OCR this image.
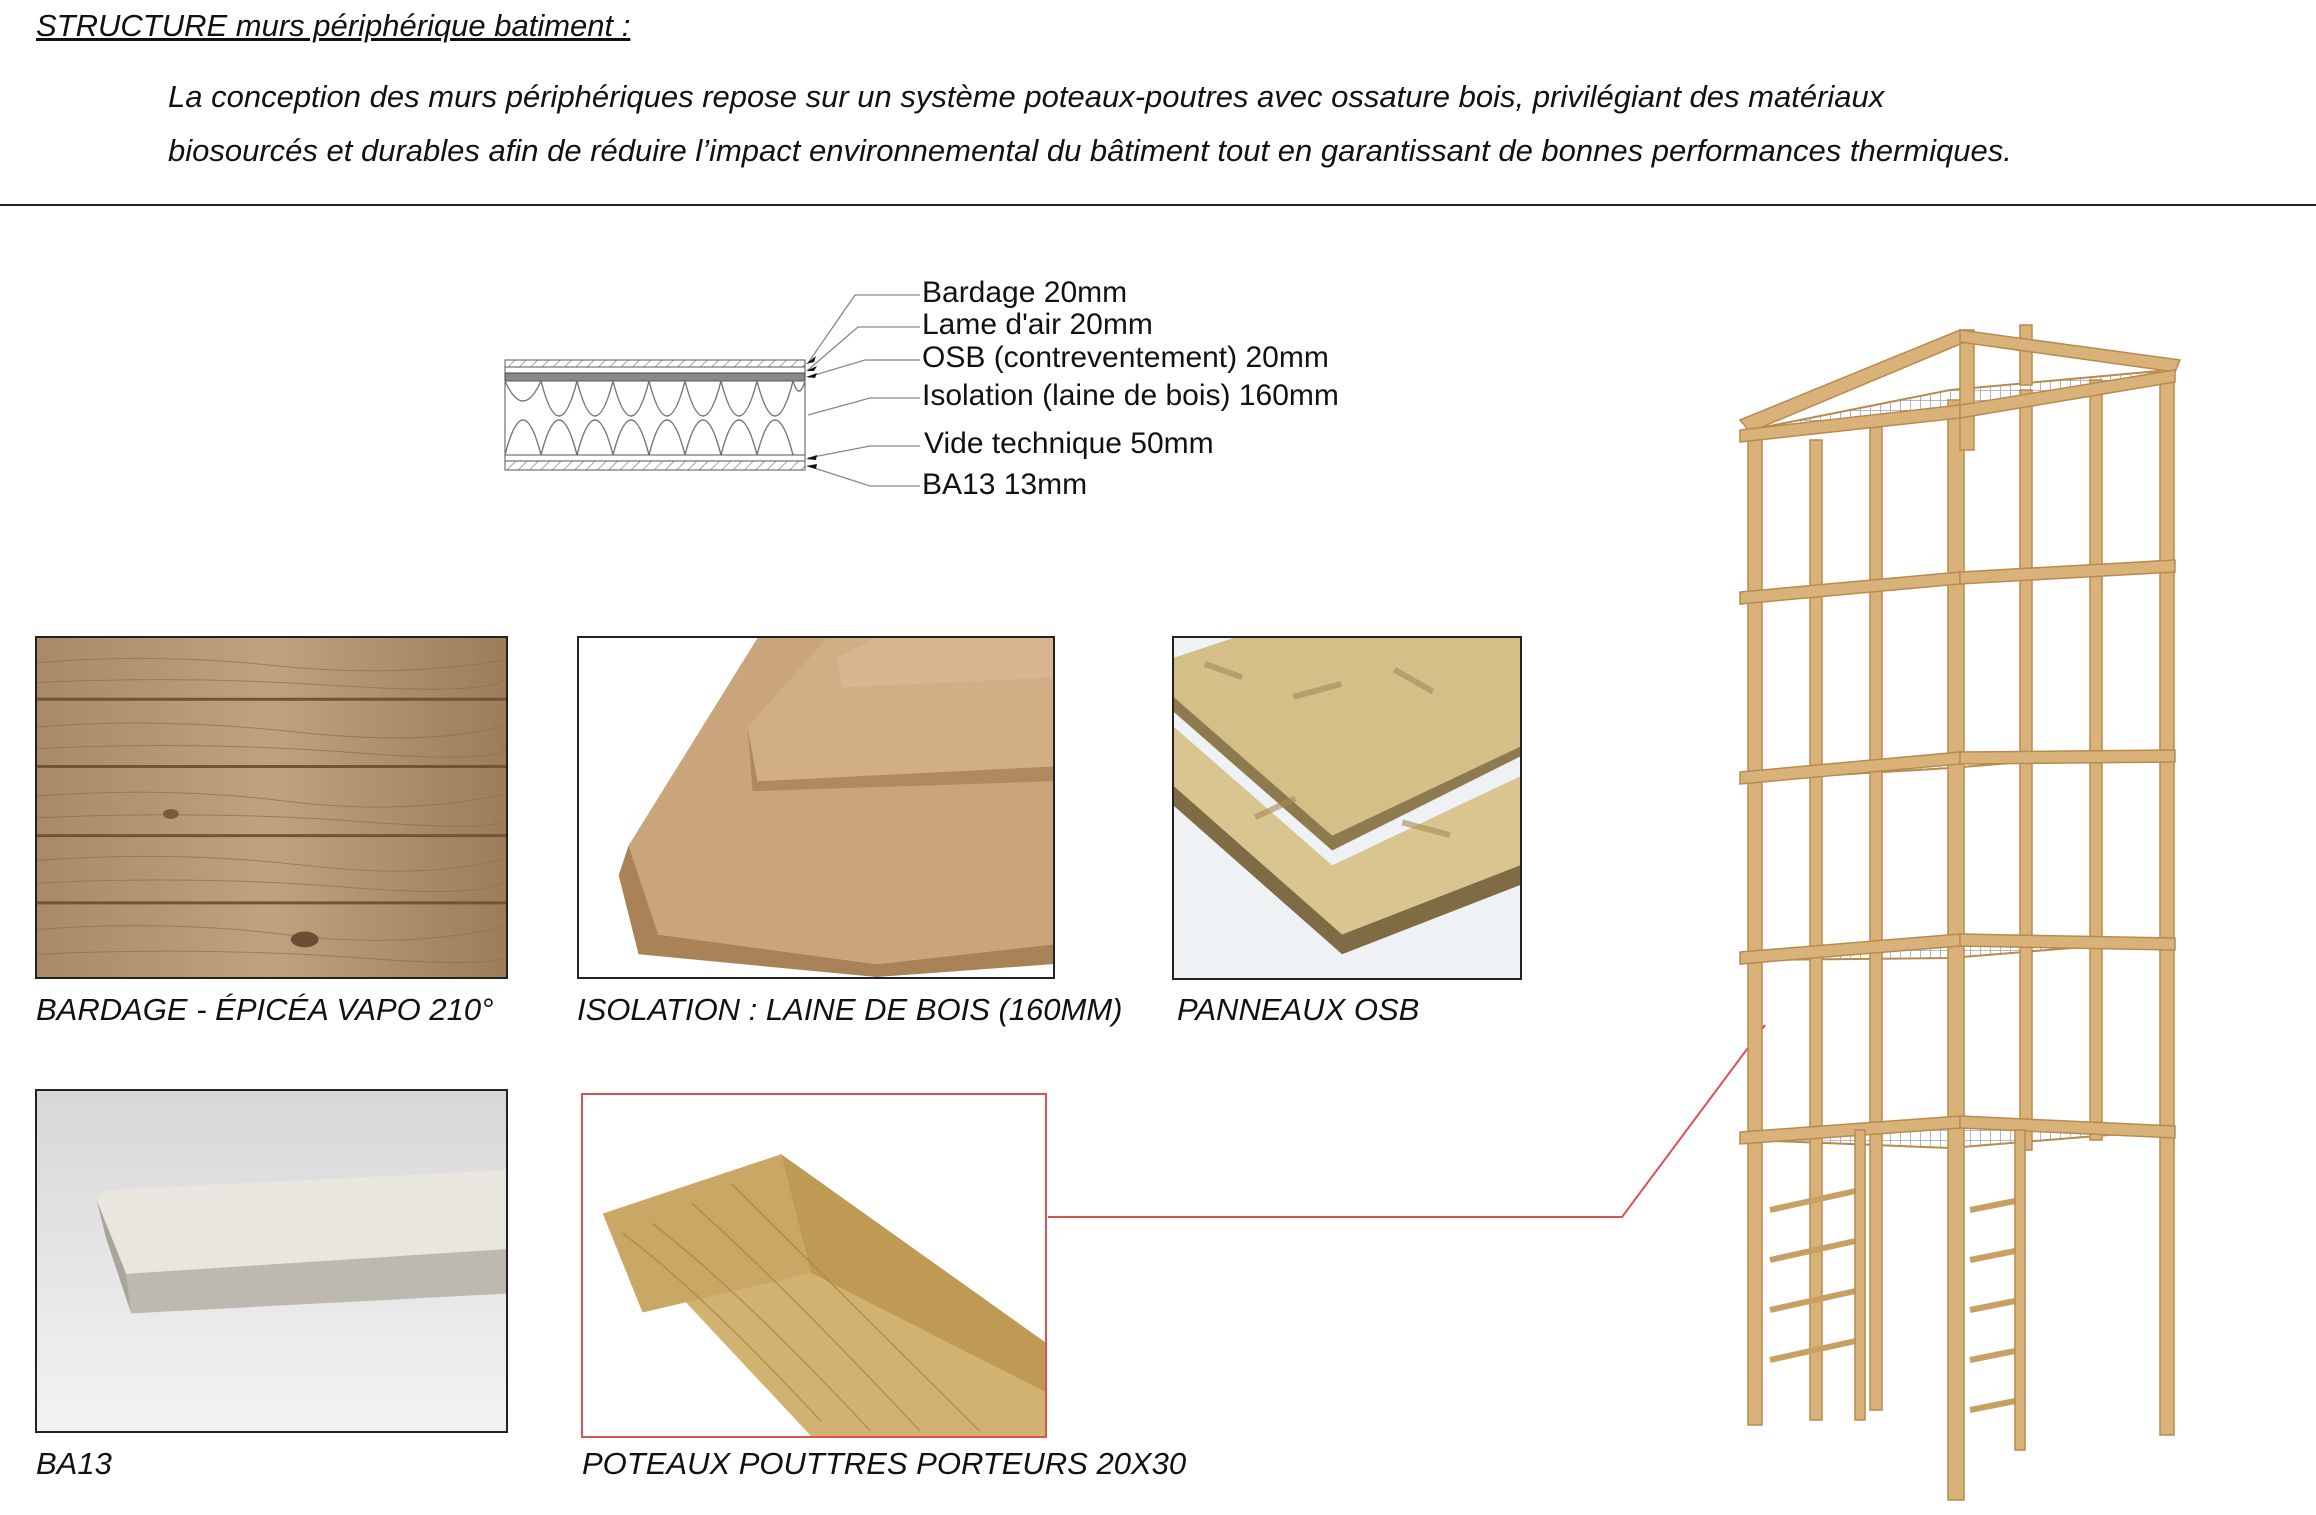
STRUCTURE murs périphérique batiment :
La conception des murs périphériques repose sur un système poteaux-poutres avec ossature bois, privilégiant des matériaux
biosourcés et durables afin de réduire l’impact environnemental du bâtiment tout en garantissant de bonnes performances thermiques.
Bardage 20mm
Lame d'air 20mm
OSB (contreventement) 20mm
Isolation (laine de bois) 160mm
Vide technique 50mm
BA13 13mm
BARDAGE - ÉPICÉA VAPO 210°	ISOLATION : LAINE DE BOIS (160MM) PANNEAUX OSB
BA13	POTEAUX POUTTRES PORTEURS 20X30
